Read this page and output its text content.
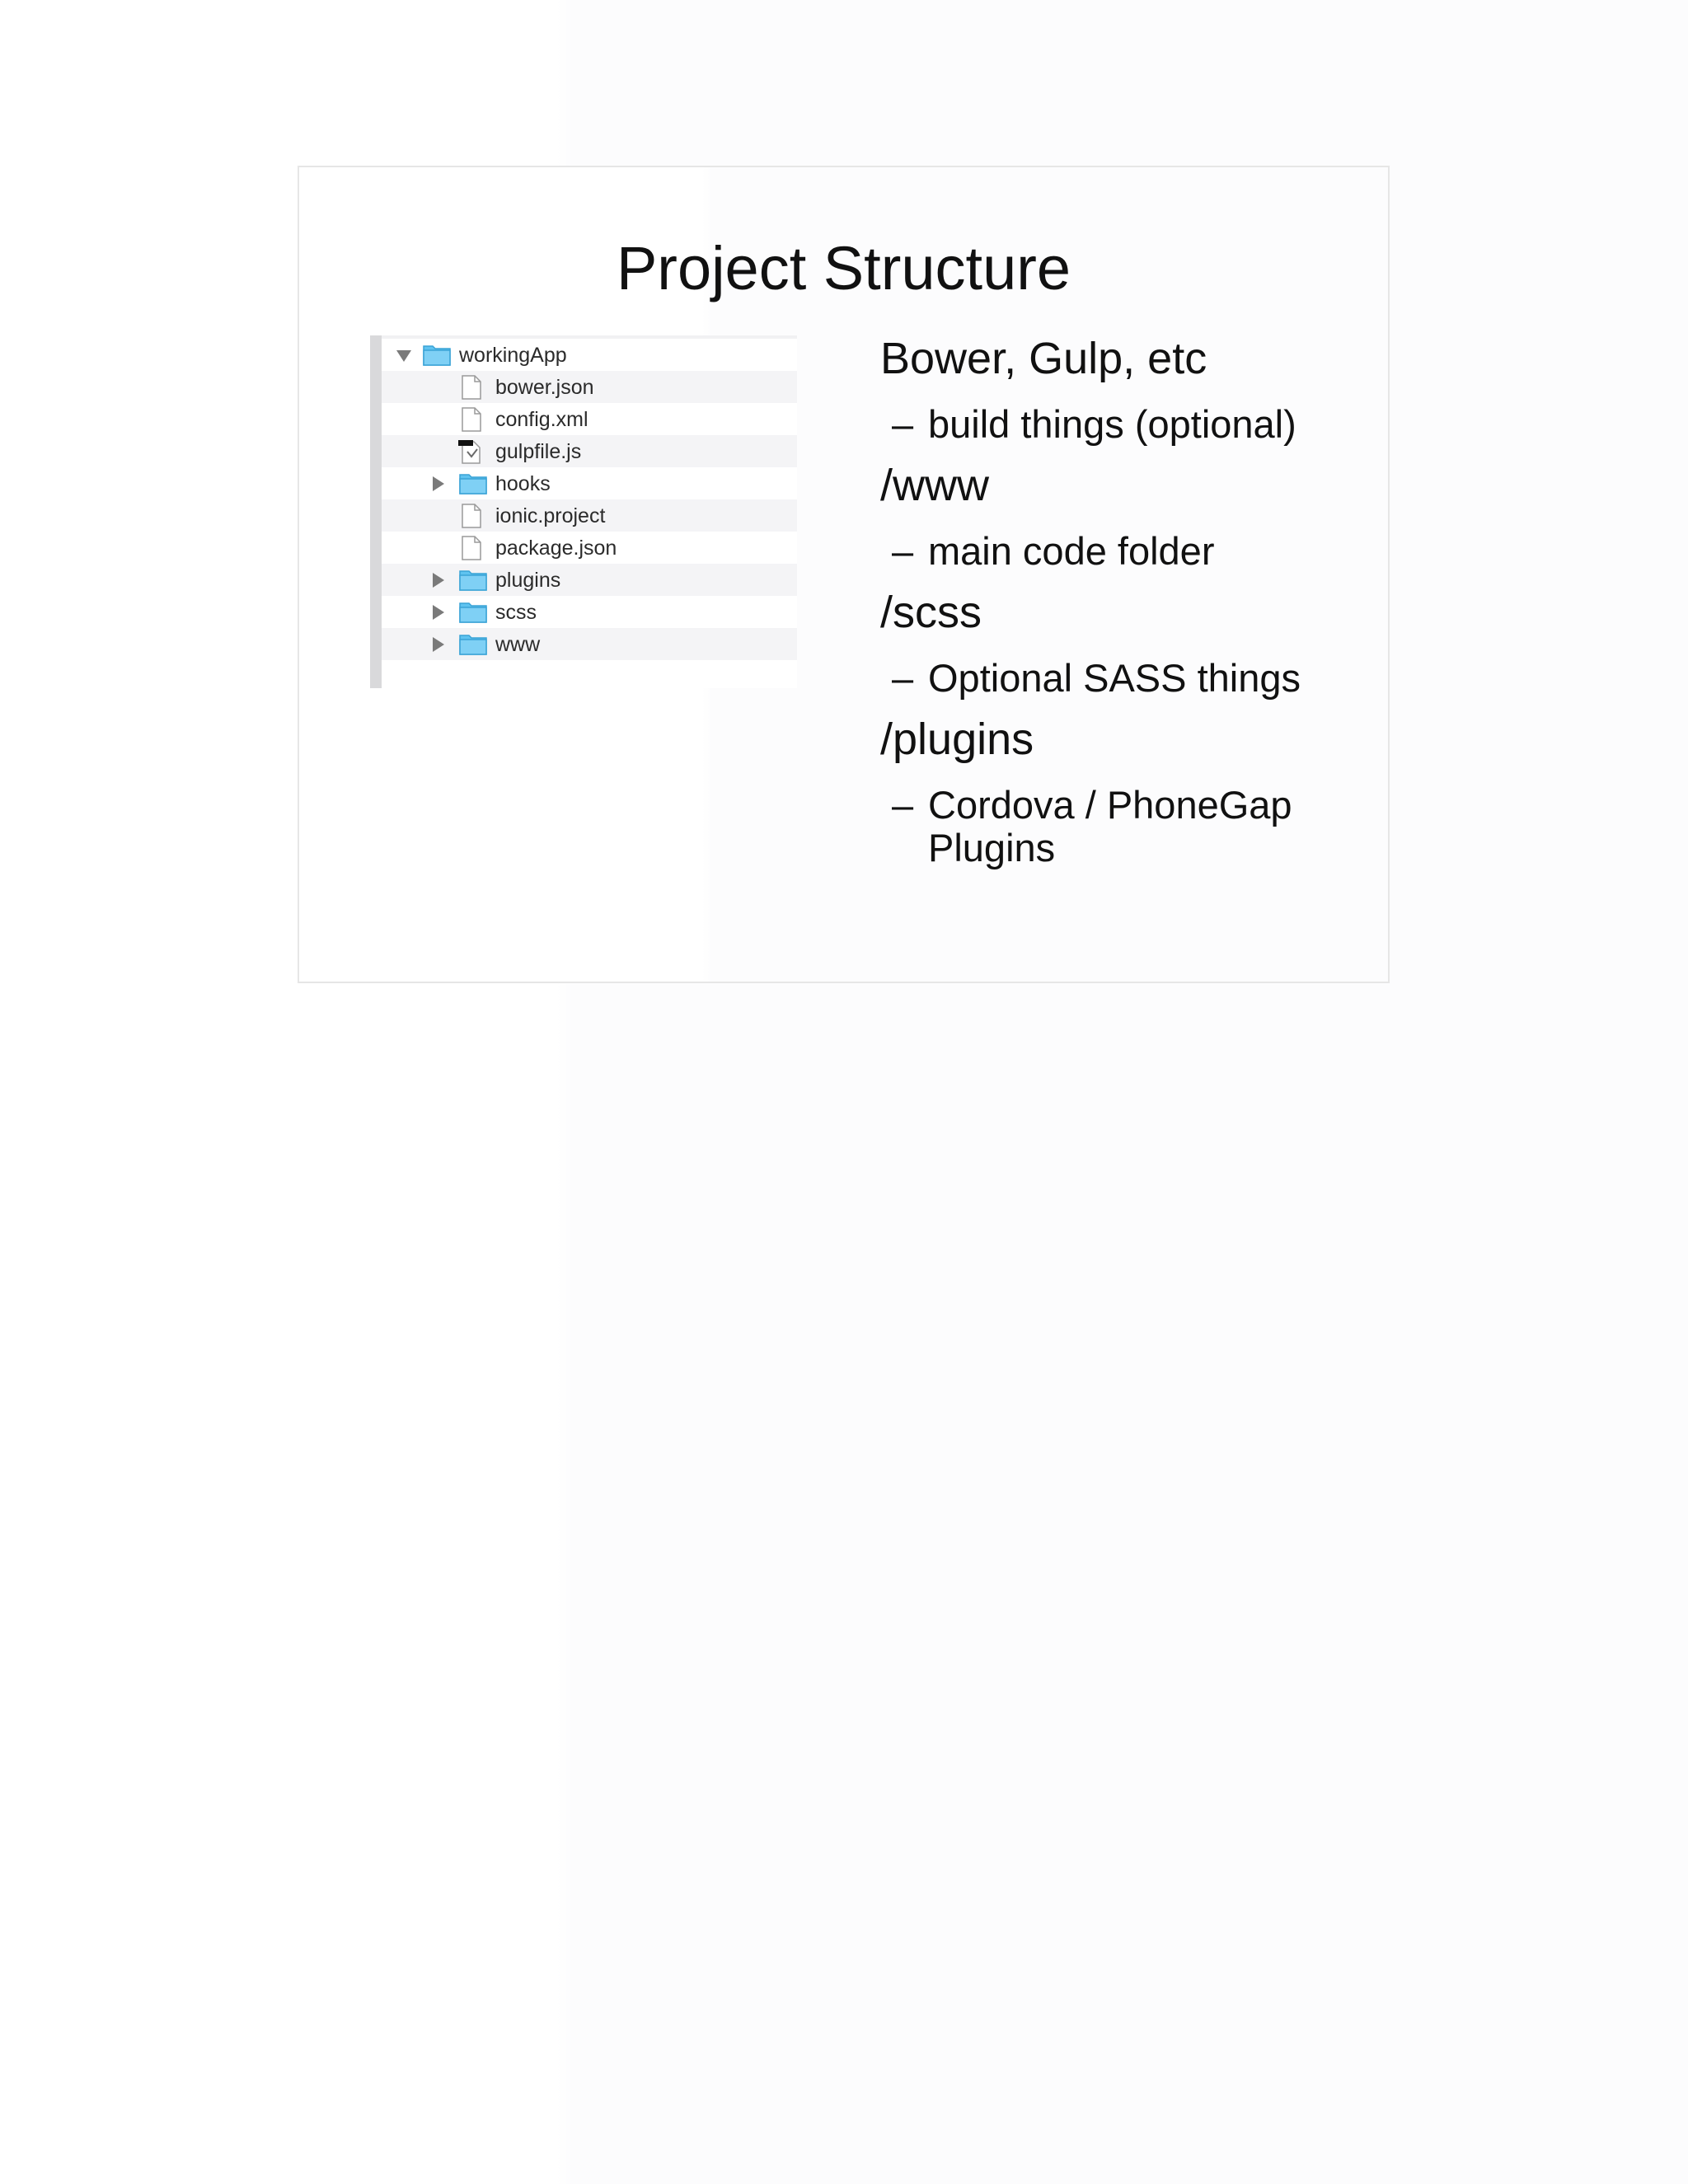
Project Structure
workingApp
bower.json
config.xml
gulpfile.js
hooks
ionic.project
package.json
plugins
scss
www
Bower, Gulp, etc
– build things (optional)
/www
– main code folder
/scss
– Optional SASS things
/plugins
– Cordova / PhoneGap Plugins
